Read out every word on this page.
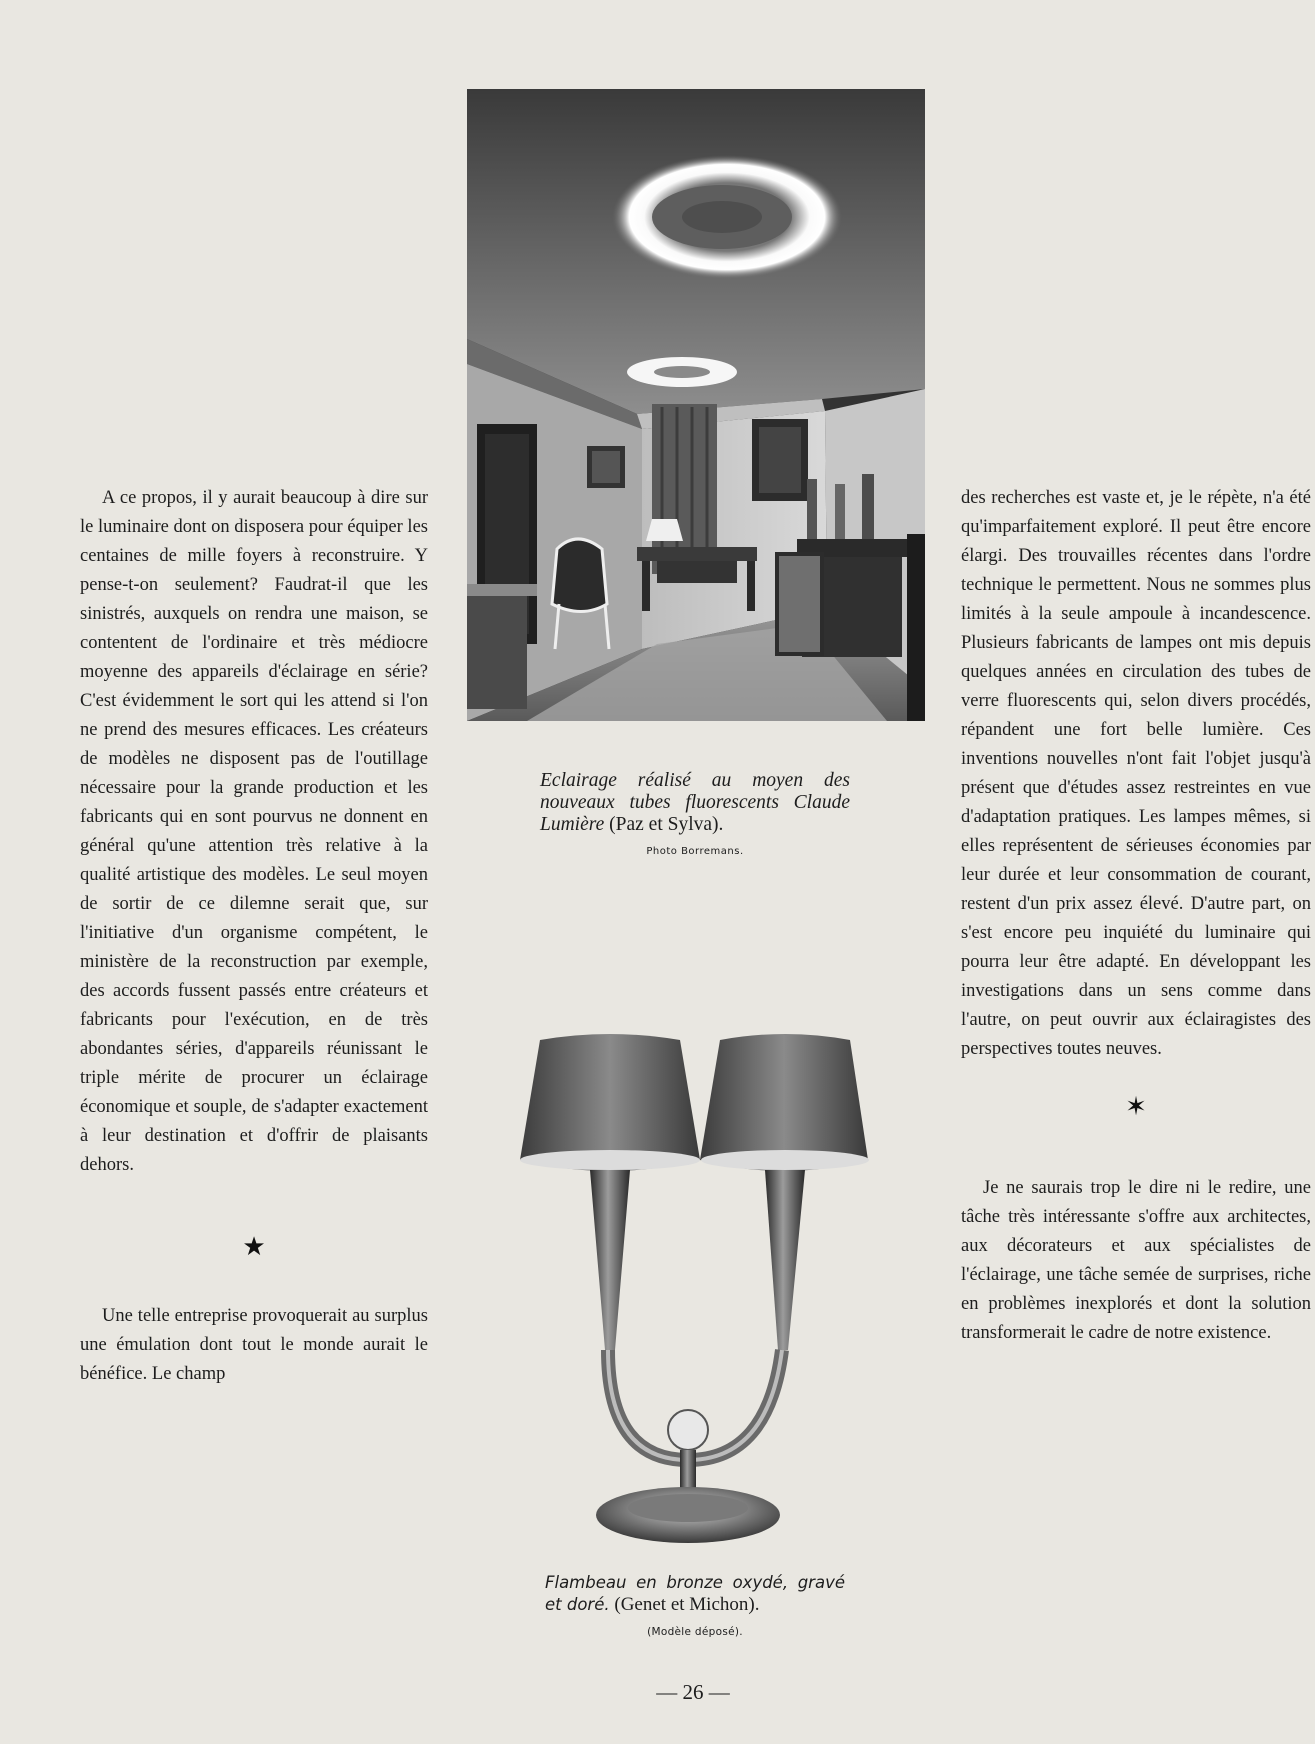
A ce propos, il y aurait beaucoup à dire sur le luminaire dont on disposera pour équiper les centaines de mille foyers à reconstruire. Y pense-t-on seulement? Faudrat-il que les sinistrés, auxquels on rendra une maison, se contentent de l'ordinaire et très médiocre moyenne des appareils d'éclairage en série? C'est évidemment le sort qui les attend si l'on ne prend des mesures efficaces. Les créateurs de modèles ne disposent pas de l'outillage nécessaire pour la grande production et les fabricants qui en sont pourvus ne donnent en général qu'une attention très relative à la qualité artistique des modèles. Le seul moyen de sortir de ce dilemne serait que, sur l'initiative d'un organisme compétent, le ministère de la reconstruction par exemple, des accords fussent passés entre créateurs et fabricants pour l'exécution, en de très abondantes séries, d'appareils réunissant le triple mérite de procurer un éclairage économique et souple, de s'adapter exactement à leur destination et d'offrir de plaisants dehors.

★

Une telle entreprise provoquerait au surplus une émulation dont tout le monde aurait le bénéfice. Le champ

Eclairage réalisé au moyen des nouveaux tubes fluorescents Claude Lumière (Paz et Sylva).
Photo Borremans.
Flambeau en bronze oxydé, gravé et doré. (Genet et Michon).
(Modèle déposé).

des recherches est vaste et, je le répète, n'a été qu'imparfaitement exploré. Il peut être encore élargi. Des trouvailles récentes dans l'ordre technique le permettent. Nous ne sommes plus limités à la seule ampoule à incandescence. Plusieurs fabricants de lampes ont mis depuis quelques années en circulation des tubes de verre fluorescents qui, selon divers procédés, répandent une fort belle lumière. Ces inventions nouvelles n'ont fait l'objet jusqu'à présent que d'études assez restreintes en vue d'adaptation pratiques. Les lampes mêmes, si elles représentent de sérieuses économies par leur durée et leur consommation de courant, restent d'un prix assez élevé. D'autre part, on s'est encore peu inquiété du luminaire qui pourra leur être adapté. En développant les investigations dans un sens comme dans l'autre, on peut ouvrir aux éclairagistes des perspectives toutes neuves.

✶

Je ne saurais trop le dire ni le redire, une tâche très intéressante s'offre aux architectes, aux décorateurs et aux spécialistes de l'éclairage, une tâche semée de surprises, riche en problèmes inexplorés et dont la solution transformerait le cadre de notre existence.

— 26 —
